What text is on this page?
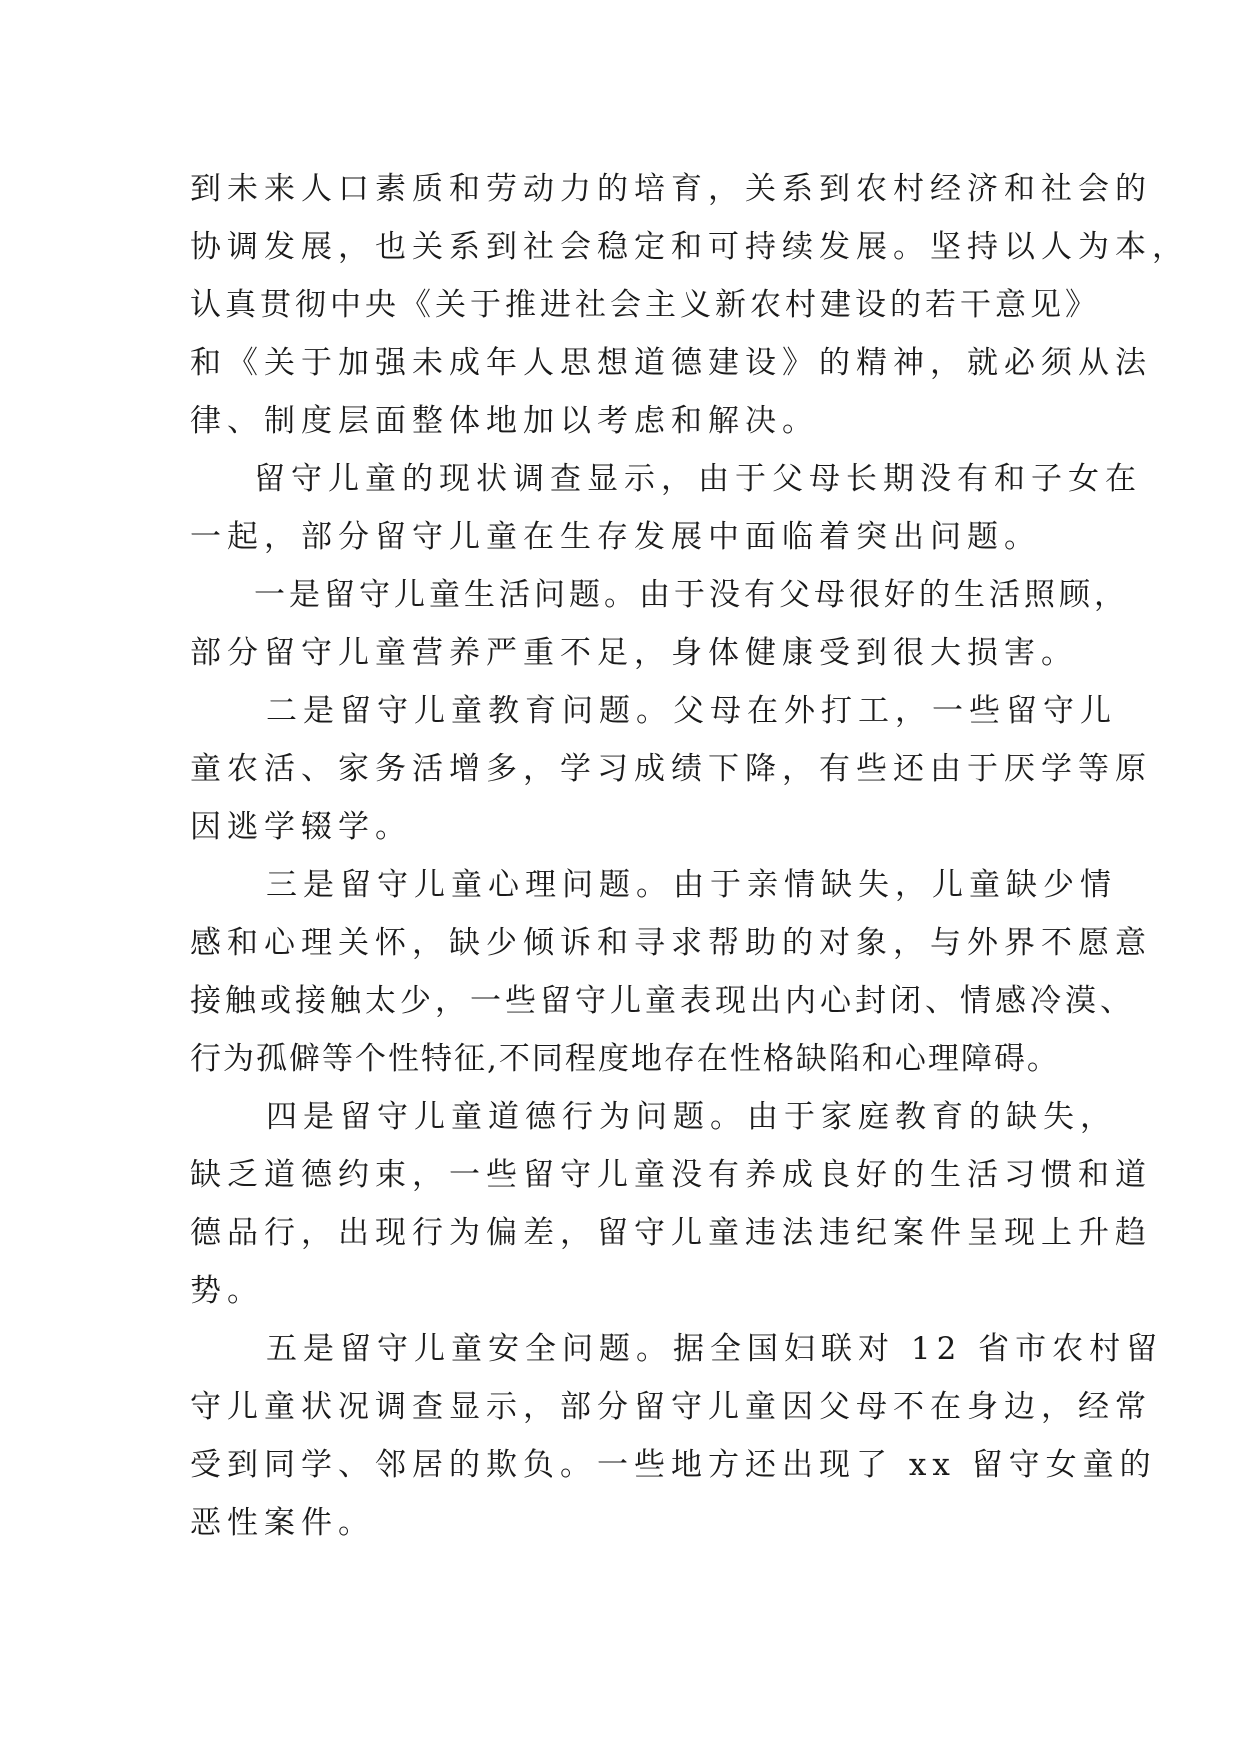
到未来人口素质和劳动力的培育，关系到农村经济和社会的
协调发展，也关系到社会稳定和可持续发展。坚持以人为本，
认真贯彻中央《关于推进社会主义新农村建设的若干意见》
和《关于加强未成年人思想道德建设》的精神，就必须从法
律、制度层面整体地加以考虑和解决。
留守儿童的现状调查显示，由于父母长期没有和子女在
一起，部分留守儿童在生存发展中面临着突出问题。
一是留守儿童生活问题。由于没有父母很好的生活照顾，
部分留守儿童营养严重不足，身体健康受到很大损害。
二是留守儿童教育问题。父母在外打工，一些留守儿
童农活、家务活增多，学习成绩下降，有些还由于厌学等原
因逃学辍学。
三是留守儿童心理问题。由于亲情缺失，儿童缺少情
感和心理关怀，缺少倾诉和寻求帮助的对象，与外界不愿意
接触或接触太少，一些留守儿童表现出内心封闭、情感冷漠、
行为孤僻等个性特征,不同程度地存在性格缺陷和心理障碍。
四是留守儿童道德行为问题。由于家庭教育的缺失，
缺乏道德约束，一些留守儿童没有养成良好的生活习惯和道
德品行，出现行为偏差，留守儿童违法违纪案件呈现上升趋
势。
五是留守儿童安全问题。据全国妇联对 12 省市农村留
守儿童状况调查显示，部分留守儿童因父母不在身边，经常
受到同学、邻居的欺负。一些地方还出现了 xx 留守女童的
恶性案件。
